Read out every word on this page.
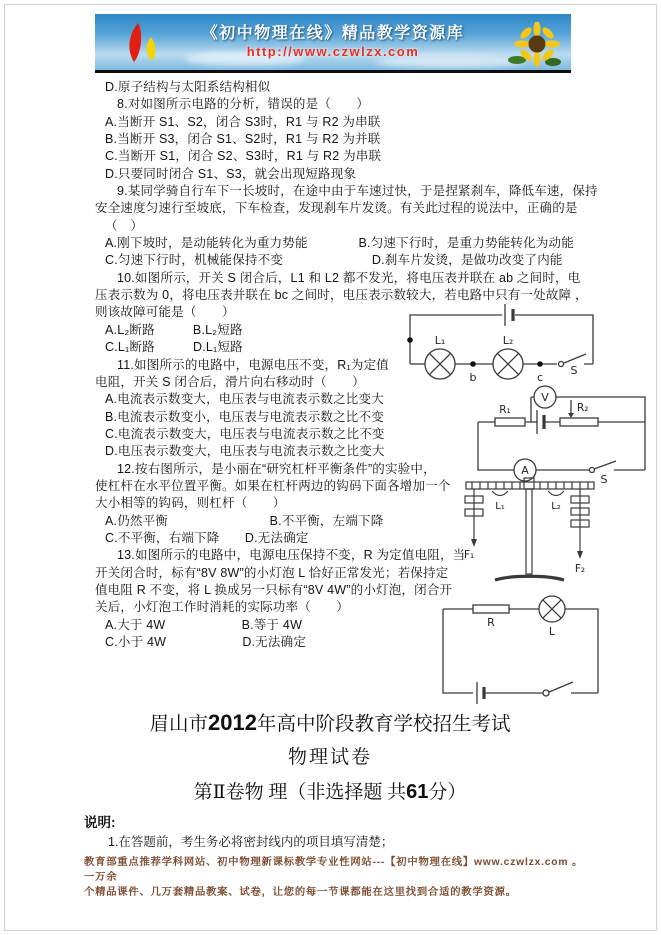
《初中物理在线》精品教学资源库
http://www.czwlzx.com
D.原子结构与太阳系结构相似
8.对如图所示电路的分析，错误的是（　　）
A.当断开 S1、S2，闭合 S3时，R1 与 R2 为串联
B.当断开 S3，闭合 S1、S2时，R1 与 R2 为并联
C.当断开 S1，闭合 S2、S3时，R1 与 R2 为串联
D.只要同时闭合 S1、S3，就会出现短路现象
9.某同学骑自行车下一长坡时，在途中由于车速过快，于是捏紧刹车，降低车速，保持
安全速度匀速行至坡底，下车检查，发现刹车片发烫。有关此过程的说法中，正确的是
（　）
A.刚下坡时，是动能转化为重力势能　　　　B.匀速下行时，是重力势能转化为动能
C.匀速下行时，机械能保持不变　　　　　　　D.刹车片发烫，是做功改变了内能
10.如图所示，开关 S 闭合后，L1 和 L2 都不发光，将电压表并联在 ab 之间时，电
压表示数为 0，将电压表并联在 bc 之间时，电压表示数较大，若电路中只有一处故障 ，
则该故障可能是（　　）
A.L₂断路　　　B.L₂短路
C.L₁断路　　　D.L₁短路
11.如图所示的电路中，电源电压不变，R₁为定值
电阻，开关 S 闭合后，滑片向右移动时（　　）
A.电流表示数变大，电压表与电流表示数之比变大
B.电流表示数变小，电压表与电流表示数之比不变
C.电流表示数变大，电压表与电流表示数之比不变
D.电压表示数变大，电压表与电流表示数之比变大
12.按右图所示，是小丽在“研究杠杆平衡条件”的实验中，
使杠杆在水平位置平衡。如果在杠杆两边的钩码下面各增加一个
大小相等的钩码，则杠杆（　　）
A.仍然平衡　　　　　　　　B.不平衡，左端下降
C.不平衡，右端下降　　D.无法确定
13.如图所示的电路中，电源电压保持不变，R 为定值电阻，当
开关闭合时，标有“8V 8W”的小灯泡 L 恰好正常发光；若保持定
值电阻 R 不变，将 L 换成另一只标有“8V 4W”的小灯泡，闭合开
关后，小灯泡工作时消耗的实际功率（　　）
A.大于 4W　　　　　　B.等于 4W
C.小于 4W　　　　　　D.无法确定
L₁	L₂
b	c
S
V
A
R₁	R₂
S
L₁	L₂
F₁
F₂
R
L
眉山市2012年高中阶段教育学校招生考试
物理试卷
第Ⅱ卷物 理（非选择题 共61分）
说明:
1.在答题前，考生务必将密封线内的项目填写清楚；
教育部重点推荐学科网站、初中物理新课标教学专业性网站---【初中物理在线】www.czwlzx.com 。 一万余
个精品课件、几万套精品教案、试卷，让您的每一节课都能在这里找到合适的教学资源。
